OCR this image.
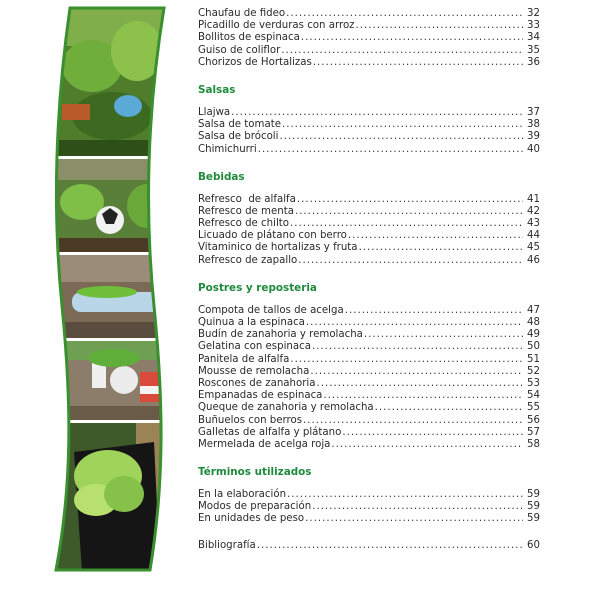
Chaufau de fideo .....	32
Picadillo de verduras con arroz .....	33
Bollitos de espinaca .....	34
Guiso de coliflor .....	35
Chorizos de Hortalizas .....	36
Salsas
Llajwa .....	37
Salsa de tomate .....	38
Salsa de brócoli .....	39
Chimichurri .....	40
Bebidas
Refresco  de alfalfa .....	41
Refresco de menta .....	42
Refresco de chilto .....	43
Licuado de plátano con berro .....	44
Vitaminico de hortalizas y fruta .....	45
Refresco de zapallo .....	46
Postres y reposteria
Compota de tallos de acelga .....	47
Quinua a la espinaca .....	48
Budín de zanahoria y remolacha .....	49
Gelatina con espinaca .....	50
Panitela de alfalfa .....	51
Mousse de remolacha .....	52
Roscones de zanahoria .....	53
Empanadas de espinaca .....	54
Queque de zanahoria y remolacha .....	55
Buñuelos con berros .....	56
Galletas de alfalfa y plátano .....	57
Mermelada de acelga roja .....	58
Términos utilizados
En la elaboración .....	59
Modos de preparación .....	59
En unidades de peso .....	59
Bibliografía .....	60
